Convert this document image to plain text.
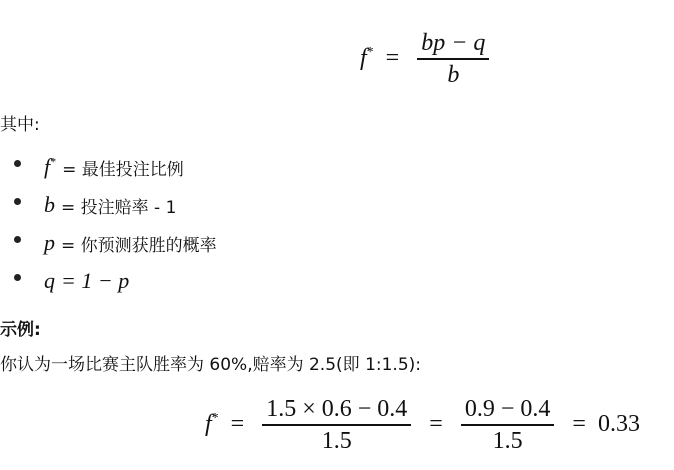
$f^* = \frac{bp - q}{b}$
其中:
f* = 最佳投注比例
b = 投注赔率 - 1
p = 你预测获胜的概率
q = 1 − p
示例:
你认为一场比赛主队胜率为 60%,赔率为 2.5(即 1:1.5):
$f^* = \frac{1.5 \times 0.6 - 0.4}{1.5} = \frac{0.9 - 0.4}{1.5} = 0.33$
